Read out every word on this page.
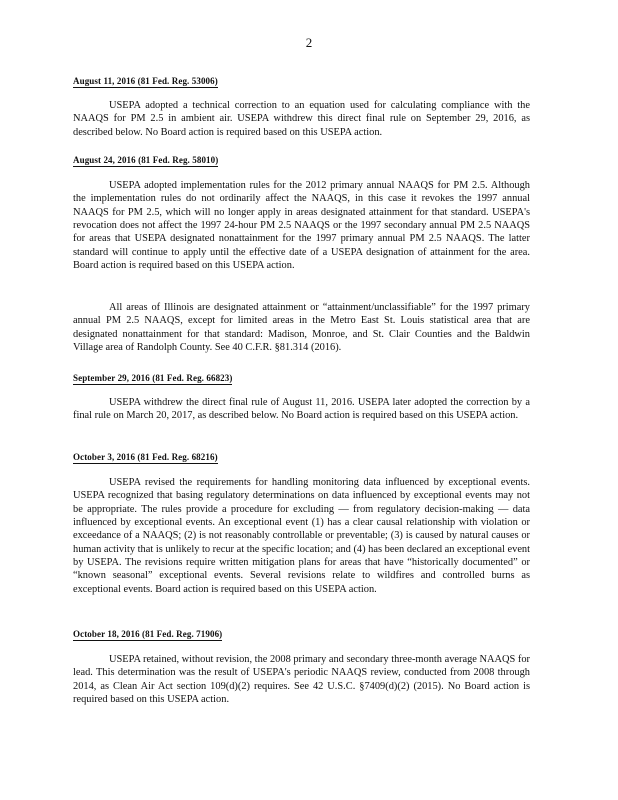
2
August 11, 2016 (81 Fed. Reg. 53006)

USEPA adopted a technical correction to an equation used for calculating compliance with the NAAQS for PM 2.5 in ambient air. USEPA withdrew this direct final rule on September 29, 2016, as described below. No Board action is required based on this USEPA action.

August 24, 2016 (81 Fed. Reg. 58010)

USEPA adopted implementation rules for the 2012 primary annual NAAQS for PM 2.5. Although the implementation rules do not ordinarily affect the NAAQS, in this case it revokes the 1997 annual NAAQS for PM 2.5, which will no longer apply in areas designated attainment for that standard. USEPA's revocation does not affect the 1997 24-hour PM 2.5 NAAQS or the 1997 secondary annual PM 2.5 NAAQS for areas that USEPA designated nonattainment for the 1997 primary annual PM 2.5 NAAQS. The latter standard will continue to apply until the effective date of a USEPA designation of attainment for the area. Board action is required based on this USEPA action.

All areas of Illinois are designated attainment or “attainment/unclassifiable” for the 1997 primary annual PM 2.5 NAAQS, except for limited areas in the Metro East St. Louis statistical area that are designated nonattainment for that standard: Madison, Monroe, and St. Clair Counties and the Baldwin Village area of Randolph County. See 40 C.F.R. §81.314 (2016).

September 29, 2016 (81 Fed. Reg. 66823)

USEPA withdrew the direct final rule of August 11, 2016. USEPA later adopted the correction by a final rule on March 20, 2017, as described below. No Board action is required based on this USEPA action.

October 3, 2016 (81 Fed. Reg. 68216)

USEPA revised the requirements for handling monitoring data influenced by exceptional events. USEPA recognized that basing regulatory determinations on data influenced by exceptional events may not be appropriate. The rules provide a procedure for excluding — from regulatory decision-making — data influenced by exceptional events. An exceptional event (1) has a clear causal relationship with violation or exceedance of a NAAQS; (2) is not reasonably controllable or preventable; (3) is caused by natural causes or human activity that is unlikely to recur at the specific location; and (4) has been declared an exceptional event by USEPA. The revisions require written mitigation plans for areas that have “historically documented” or “known seasonal” exceptional events. Several revisions relate to wildfires and controlled burns as exceptional events. Board action is required based on this USEPA action.

October 18, 2016 (81 Fed. Reg. 71906)

USEPA retained, without revision, the 2008 primary and secondary three-month average NAAQS for lead. This determination was the result of USEPA's periodic NAAQS review, conducted from 2008 through 2014, as Clean Air Act section 109(d)(2) requires. See 42 U.S.C. §7409(d)(2) (2015). No Board action is required based on this USEPA action.
